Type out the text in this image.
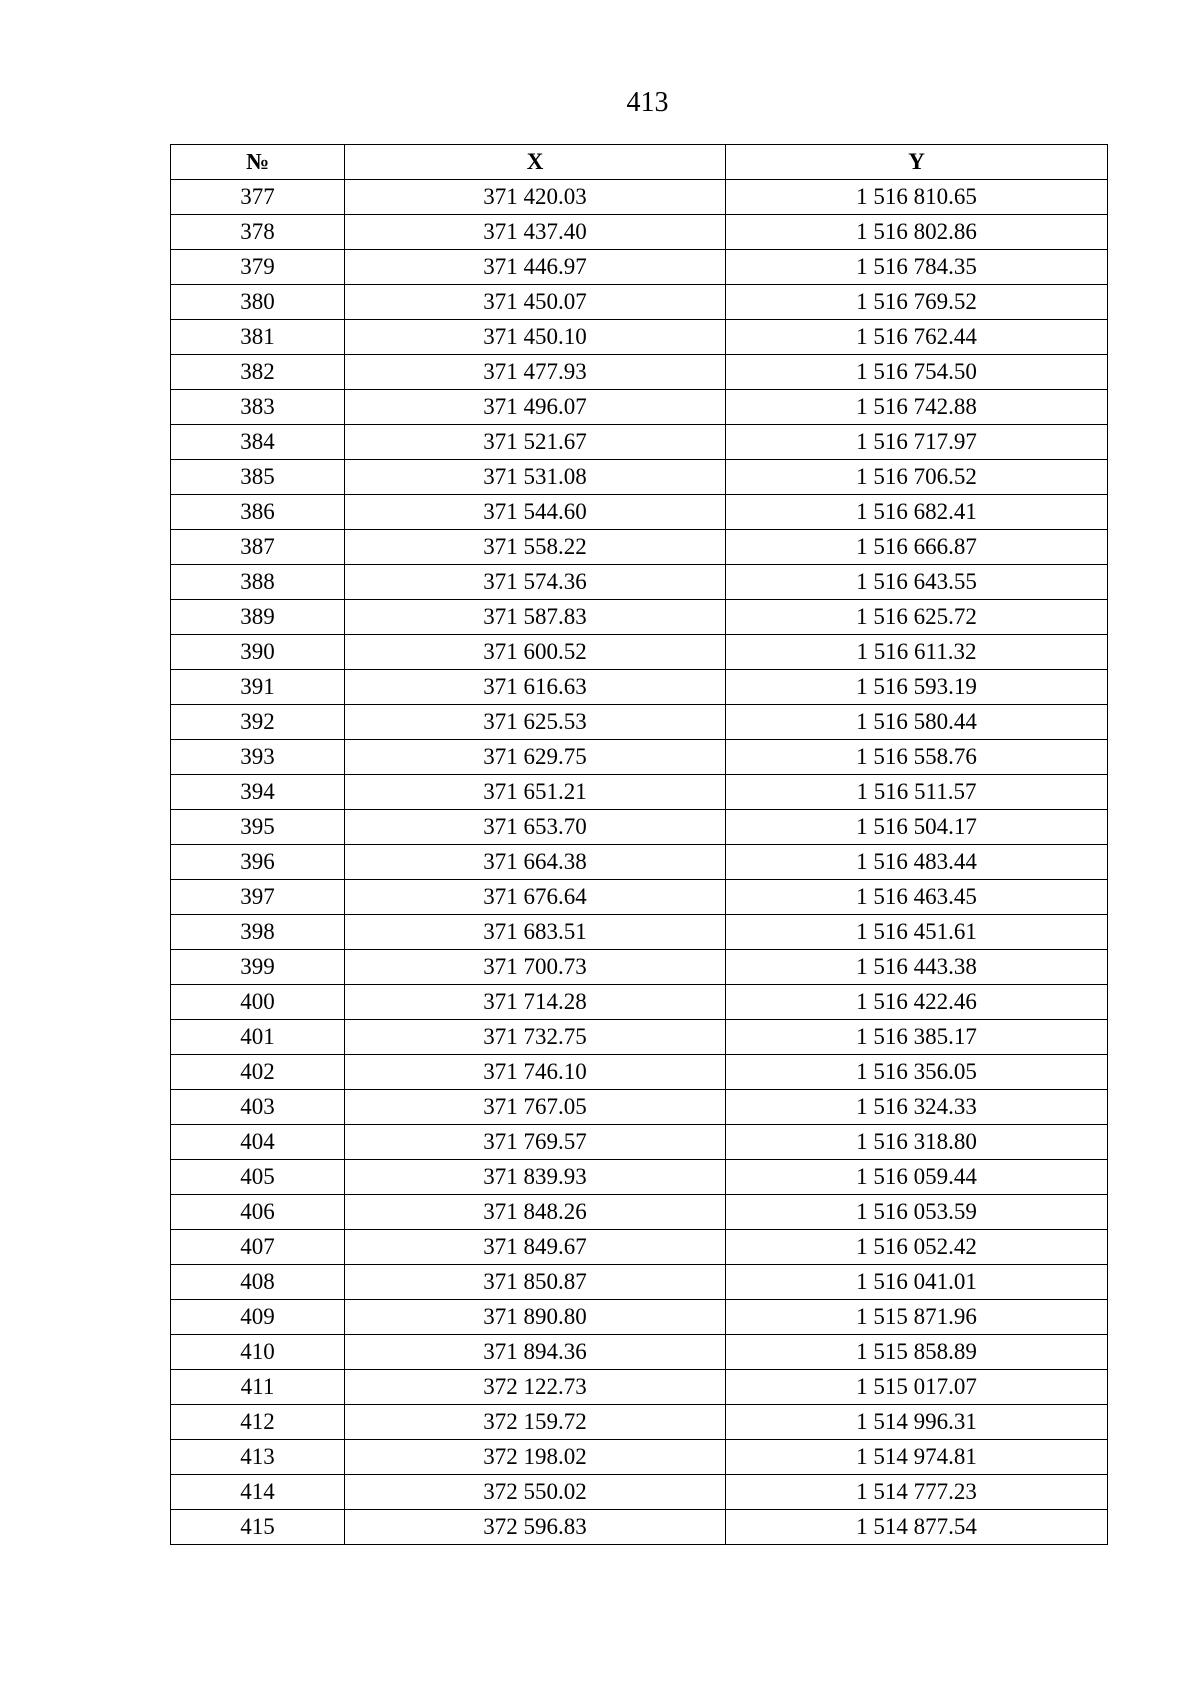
413
№	X	Y
377	371 420.03	1 516 810.65
378	371 437.40	1 516 802.86
379	371 446.97	1 516 784.35
380	371 450.07	1 516 769.52
381	371 450.10	1 516 762.44
382	371 477.93	1 516 754.50
383	371 496.07	1 516 742.88
384	371 521.67	1 516 717.97
385	371 531.08	1 516 706.52
386	371 544.60	1 516 682.41
387	371 558.22	1 516 666.87
388	371 574.36	1 516 643.55
389	371 587.83	1 516 625.72
390	371 600.52	1 516 611.32
391	371 616.63	1 516 593.19
392	371 625.53	1 516 580.44
393	371 629.75	1 516 558.76
394	371 651.21	1 516 511.57
395	371 653.70	1 516 504.17
396	371 664.38	1 516 483.44
397	371 676.64	1 516 463.45
398	371 683.51	1 516 451.61
399	371 700.73	1 516 443.38
400	371 714.28	1 516 422.46
401	371 732.75	1 516 385.17
402	371 746.10	1 516 356.05
403	371 767.05	1 516 324.33
404	371 769.57	1 516 318.80
405	371 839.93	1 516 059.44
406	371 848.26	1 516 053.59
407	371 849.67	1 516 052.42
408	371 850.87	1 516 041.01
409	371 890.80	1 515 871.96
410	371 894.36	1 515 858.89
411	372 122.73	1 515 017.07
412	372 159.72	1 514 996.31
413	372 198.02	1 514 974.81
414	372 550.02	1 514 777.23
415	372 596.83	1 514 877.54
